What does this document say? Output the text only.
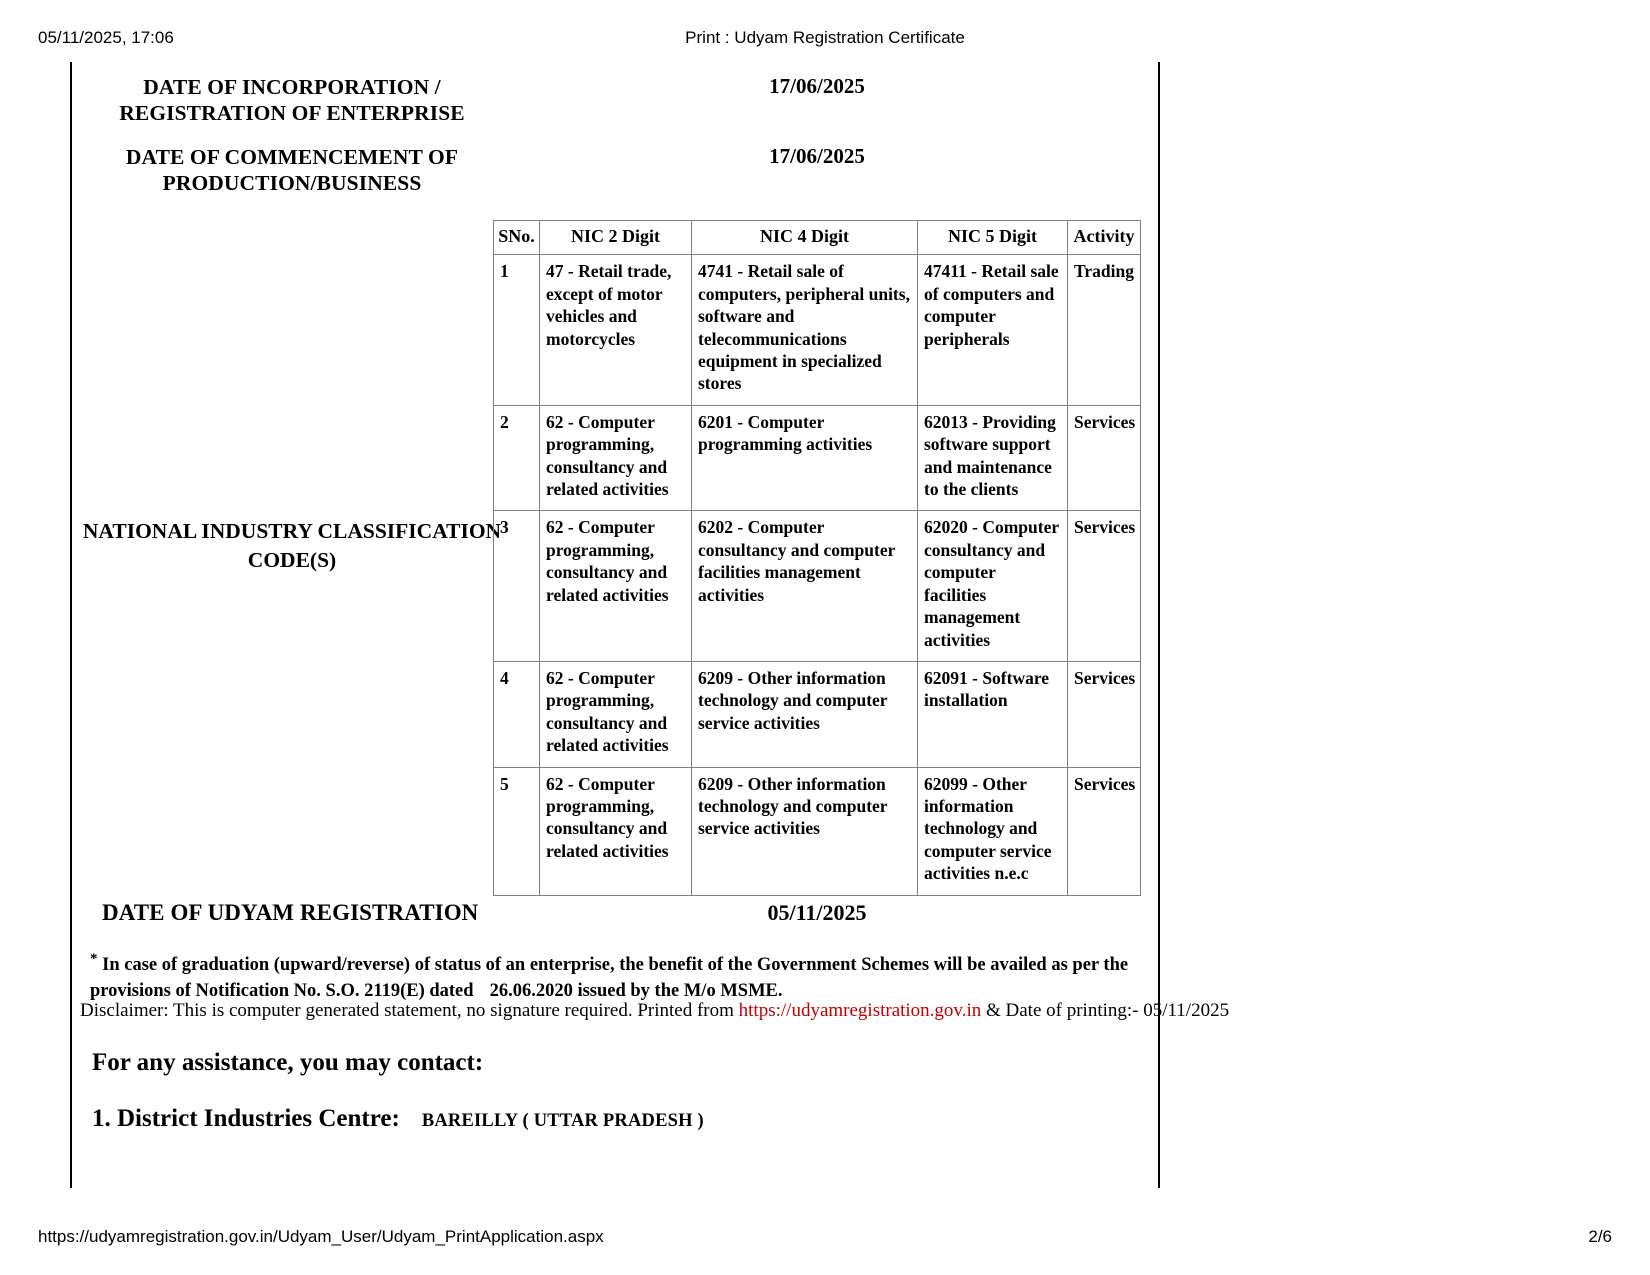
05/11/2025, 17:06	Print : Udyam Registration Certificate
DATE OF INCORPORATION / REGISTRATION OF ENTERPRISE
17/06/2025
DATE OF COMMENCEMENT OF PRODUCTION/BUSINESS
17/06/2025
NATIONAL INDUSTRY CLASSIFICATION CODE(S)
SNo.	NIC 2 Digit	NIC 4 Digit	NIC 5 Digit	Activity
1	47 - Retail trade, except of motor vehicles and motorcycles	4741 - Retail sale of computers, peripheral units, software and telecommunications equipment in specialized stores	47411 - Retail sale of computers and computer peripherals	Trading
2	62 - Computer programming, consultancy and related activities	6201 - Computer programming activities	62013 - Providing software support and maintenance to the clients	Services
3	62 - Computer programming, consultancy and related activities	6202 - Computer consultancy and computer facilities management activities	62020 - Computer consultancy and computer facilities management activities	Services
4	62 - Computer programming, consultancy and related activities	6209 - Other information technology and computer service activities	62091 - Software installation	Services
5	62 - Computer programming, consultancy and related activities	6209 - Other information technology and computer service activities	62099 - Other information technology and computer service activities n.e.c	Services
DATE OF UDYAM REGISTRATION	05/11/2025
* In case of graduation (upward/reverse) of status of an enterprise, the benefit of the Government Schemes will be availed as per the
provisions of Notification No. S.O. 2119(E) dated 26.06.2020 issued by the M/o MSME.
Disclaimer: This is computer generated statement, no signature required. Printed from https://udyamregistration.gov.in & Date of printing:- 05/11/2025
For any assistance, you may contact:
1. District Industries Centre: BAREILLY ( UTTAR PRADESH )
https://udyamregistration.gov.in/Udyam_User/Udyam_PrintApplication.aspx	2/6
